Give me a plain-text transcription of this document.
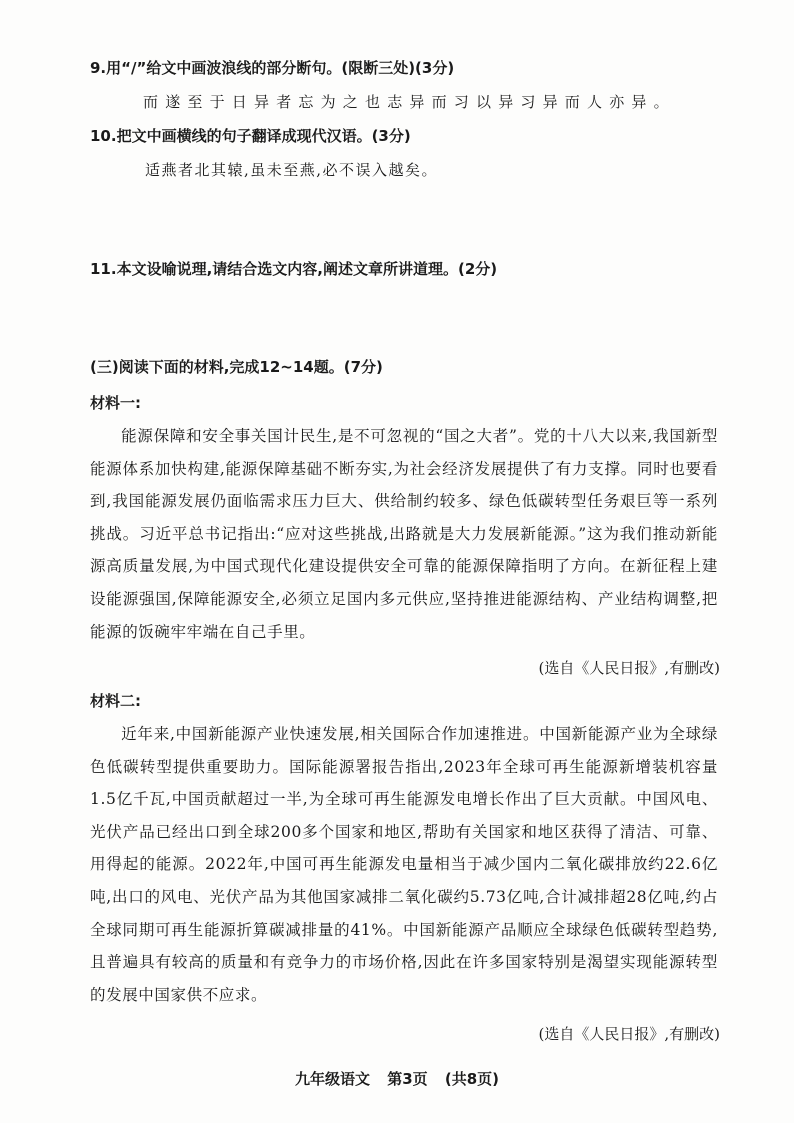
9.用“/”给文中画波浪线的部分断句。(限断三处)(3分)
而遂至于日异者忘为之也志异而习以异习异而人亦异。
10.把文中画横线的句子翻译成现代汉语。(3分)
适燕者北其辕,虽未至燕,必不误入越矣。
11.本文设喻说理,请结合选文内容,阐述文章所讲道理。(2分)
(三)阅读下面的材料,完成12~14题。(7分)
材料一:

能源保障和安全事关国计民生,是不可忽视的“国之大者”。党的十八大以来,我国新型能源体系加快构建,能源保障基础不断夯实,为社会经济发展提供了有力支撑。同时也要看到,我国能源发展仍面临需求压力巨大、供给制约较多、绿色低碳转型任务艰巨等一系列挑战。习近平总书记指出:“应对这些挑战,出路就是大力发展新能源。”这为我们推动新能源高质量发展,为中国式现代化建设提供安全可靠的能源保障指明了方向。在新征程上建设能源强国,保障能源安全,必须立足国内多元供应,坚持推进能源结构、产业结构调整,把能源的饭碗牢牢端在自己手里。

(选自《人民日报》,有删改)
材料二:

近年来,中国新能源产业快速发展,相关国际合作加速推进。中国新能源产业为全球绿色低碳转型提供重要助力。国际能源署报告指出,2023年全球可再生能源新增装机容量1.5亿千瓦,中国贡献超过一半,为全球可再生能源发电增长作出了巨大贡献。中国风电、光伏产品已经出口到全球200多个国家和地区,帮助有关国家和地区获得了清洁、可靠、用得起的能源。2022年,中国可再生能源发电量相当于减少国内二氧化碳排放约22.6亿吨,出口的风电、光伏产品为其他国家减排二氧化碳约5.73亿吨,合计减排超28亿吨,约占全球同期可再生能源折算碳减排量的41%。中国新能源产品顺应全球绿色低碳转型趋势,且普遍具有较高的质量和有竞争力的市场价格,因此在许多国家特别是渴望实现能源转型的发展中国家供不应求。

(选自《人民日报》,有删改)
九年级语文 第3页 (共8页)
